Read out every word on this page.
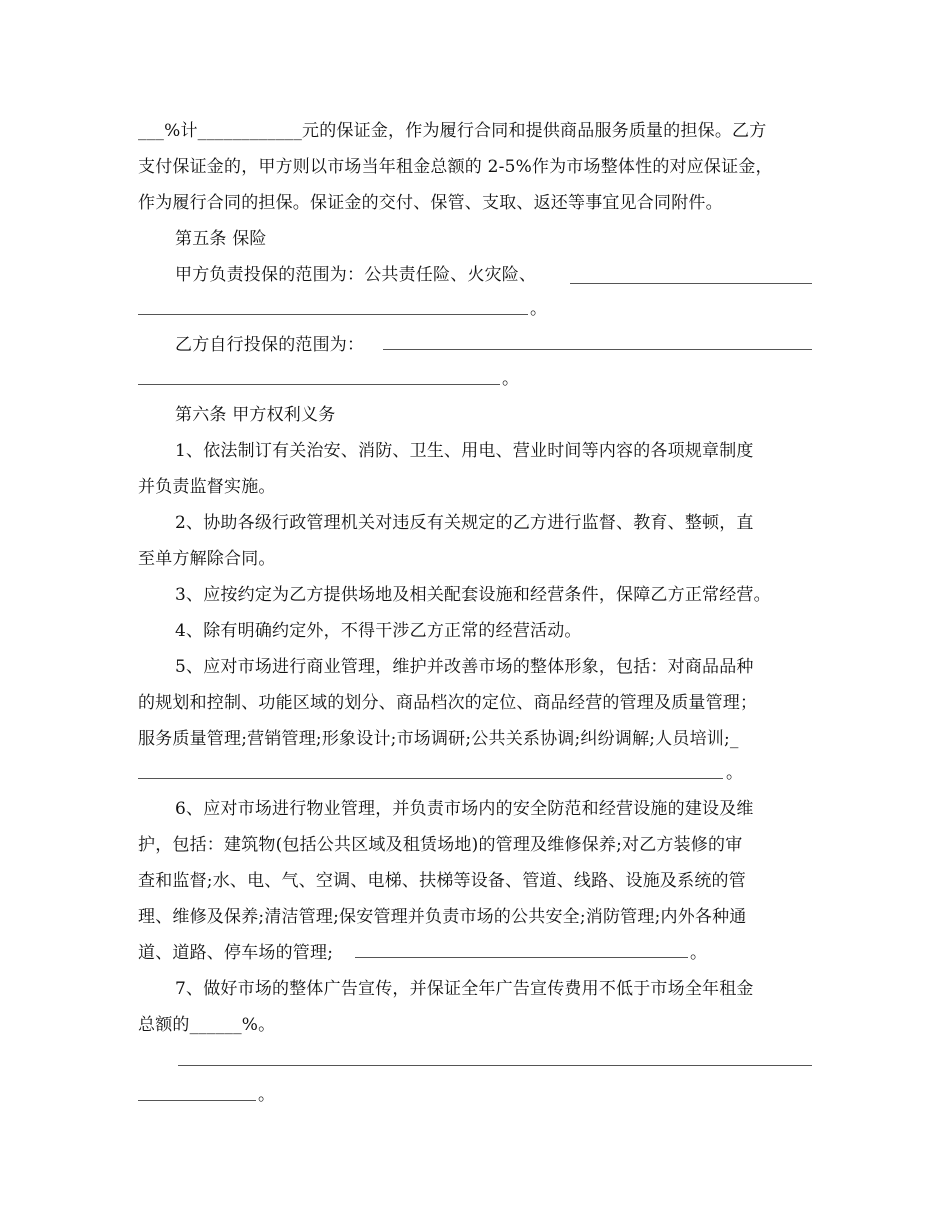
___%计____________元的保证金，作为履行合同和提供商品服务质量的担保。乙方
支付保证金的，甲方则以市场当年租金总额的 2-5%作为市场整体性的对应保证金，
作为履行合同的担保。保证金的交付、保管、支取、返还等事宜见合同附件。
第五条 保险
甲方负责投保的范围为：公共责任险、火灾险、
。
乙方自行投保的范围为：
。
第六条 甲方权利义务
1、依法制订有关治安、消防、卫生、用电、营业时间等内容的各项规章制度
并负责监督实施。
2、协助各级行政管理机关对违反有关规定的乙方进行监督、教育、整顿，直
至单方解除合同。
3、应按约定为乙方提供场地及相关配套设施和经营条件，保障乙方正常经营。
4、除有明确约定外，不得干涉乙方正常的经营活动。
5、应对市场进行商业管理，维护并改善市场的整体形象，包括：对商品品种
的规划和控制、功能区域的划分、商品档次的定位、商品经营的管理及质量管理；
服务质量管理;营销管理;形象设计;市场调研;公共关系协调;纠纷调解;人员培训;_
。
6、应对市场进行物业管理，并负责市场内的安全防范和经营设施的建设及维
护，包括：建筑物(包括公共区域及租赁场地)的管理及维修保养;对乙方装修的审
查和监督;水、电、气、空调、电梯、扶梯等设备、管道、线路、设施及系统的管
理、维修及保养;清洁管理;保安管理并负责市场的公共安全;消防管理;内外各种通
道、道路、停车场的管理;	。
7、做好市场的整体广告宣传，并保证全年广告宣传费用不低于市场全年租金
总额的______%。
。
